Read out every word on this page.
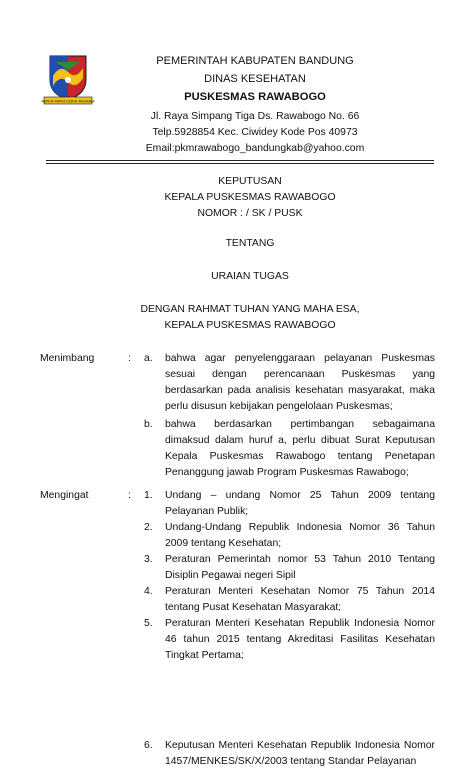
REPEH RAPIH KERTA RAHARJA
PEMERINTAH KABUPATEN BANDUNG
DINAS KESEHATAN
PUSKESMAS RAWABOGO
Jl. Raya Simpang Tiga Ds. Rawabogo No. 66
Telp.5928854 Kec. Ciwidey Kode Pos 40973
Email:pkmrawabogo_bandungkab@yahoo.com
KEPUTUSAN
KEPALA PUSKESMAS RAWABOGO
NOMOR : / SK / PUSK
TENTANG
URAIAN TUGAS
DENGAN RAHMAT TUHAN YANG MAHA ESA,
KEPALA PUSKESMAS RAWABOGO
Menimbang	: a. bahwa agar penyelenggaraan pelayanan Puskesmas sesuai dengan perencanaan Puskesmas yang berdasarkan pada analisis kesehatan masyarakat, maka perlu disusun kebijakan pengelolaan Puskesmas;
b. bahwa berdasarkan pertimbangan sebagaimana dimaksud dalam huruf a, perlu dibuat Surat Keputusan Kepala Puskesmas Rawabogo tentang Penetapan Penanggung jawab Program Puskesmas Rawabogo;
Mengingat	: 1. Undang – undang Nomor 25 Tahun 2009 tentang Pelayanan Publik;
2. Undang-Undang Republik Indonesia Nomor 36 Tahun 2009 tentang Kesehatan;
3. Peraturan Pemerintah nomor 53 Tahun 2010 Tentang Disiplin Pegawai negeri Sipil
4. Peraturan Menteri Kesehatan Nomor 75 Tahun 2014 tentang Pusat Kesehatan Masyarakat;
5. Peraturan Menteri Kesehatan Republik Indonesia Nomor 46 tahun 2015 tentang Akreditasi Fasilitas Kesehatan Tingkat Pertama;
6. Keputusan Menteri Kesehatan Republik Indonesia Nomor 1457/MENKES/SK/X/2003 tentang Standar Pelayanan
